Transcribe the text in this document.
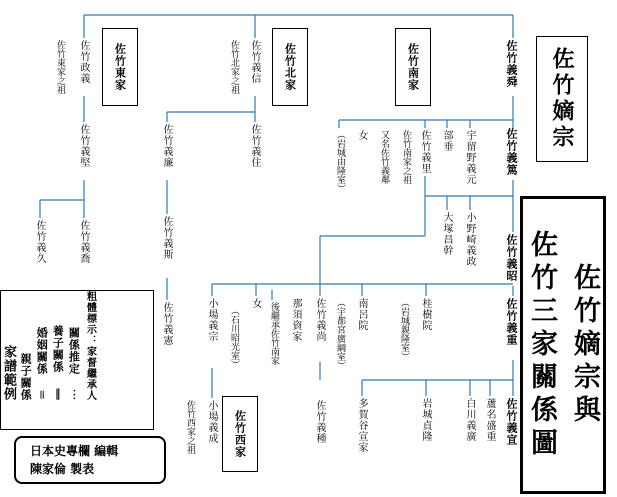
佐竹東家	佐竹北家	佐竹南家
佐竹西家
佐竹嫡宗
佐竹嫡宗與
佐竹三家關係圖
佐竹政義
佐竹東家之祖
佐竹義堅
佐竹義久	佐竹義喬
佐竹義信
佐竹北家之祖
佐竹義廉	佐竹義住
佐竹義斯
佐竹義憲
佐竹義舜
佐竹義篤
佐竹義昭
佐竹義重
佐竹義宣
女
（岩城由隆室）	佐竹義里
佐竹南家之祖
又名佐竹義鄰	部垂 宇留野義元
小野崎義政
大塚昌幹
南呂院
（宇都宮廣綱室）	桂樹院
（岩城親隆室）
佐竹義尚
佐竹義種
那須資家
後繼承佐竹南家
女
（石川昭光室）
小場義宗
小場義成
佐竹西家之祖	多賀谷宣家	岩城貞隆	白川義廣 蘆名盛重
家譜範例 親子關係 婚姻關係 ＝ 養子關係 ‖ 關係推定 ⋯ 粗體標示：家督繼承人
日本史專欄 編輯
陳家倫 製表
